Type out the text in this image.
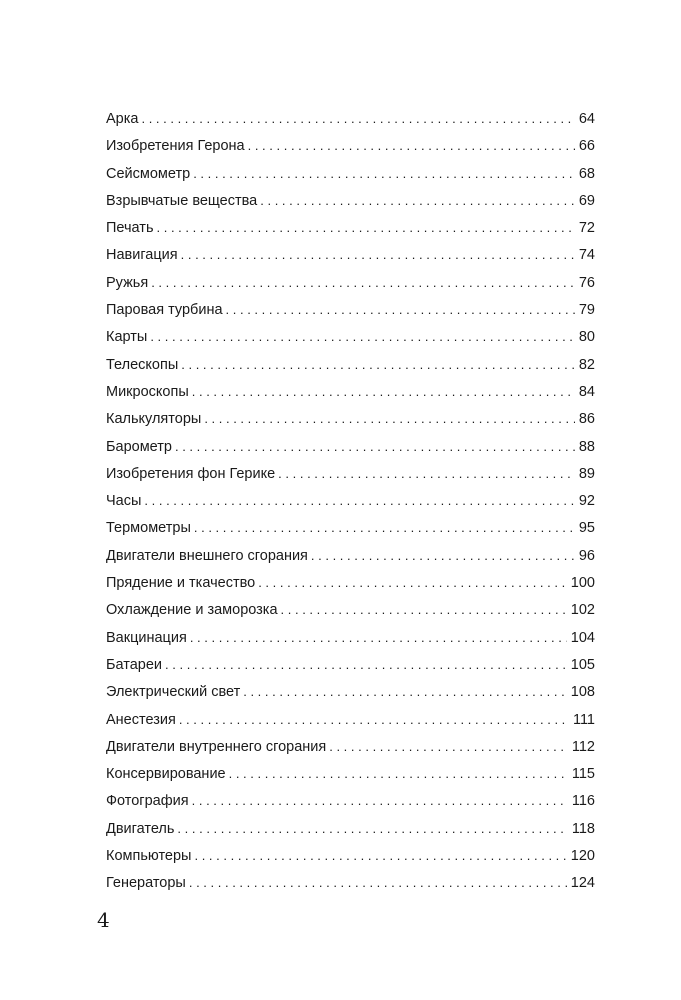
Арка . . .	64
Изобретения Герона . . .	66
Сейсмометр . . .	68
Взрывчатые вещества . . .	69
Печать . . .	72
Навигация . . .	74
Ружья . . .	76
Паровая турбина . . .	79
Карты . . .	80
Телескопы . . .	82
Микроскопы . . .	84
Калькуляторы . . .	86
Барометр . . .	88
Изобретения фон Герике . . .	89
Часы . . .	92
Термометры . . .	95
Двигатели внешнего сгорания . . .	96
Прядение и ткачество . . .	100
Охлаждение и заморозка . . .	102
Вакцинация . . .	104
Батареи . . .	105
Электрический свет . . .	108
Анестезия . . .	111
Двигатели внутреннего сгорания . . .	112
Консервирование . . .	115
Фотография . . .	116
Двигатель . . .	118
Компьютеры . . .	120
Генераторы . . .	124
4
